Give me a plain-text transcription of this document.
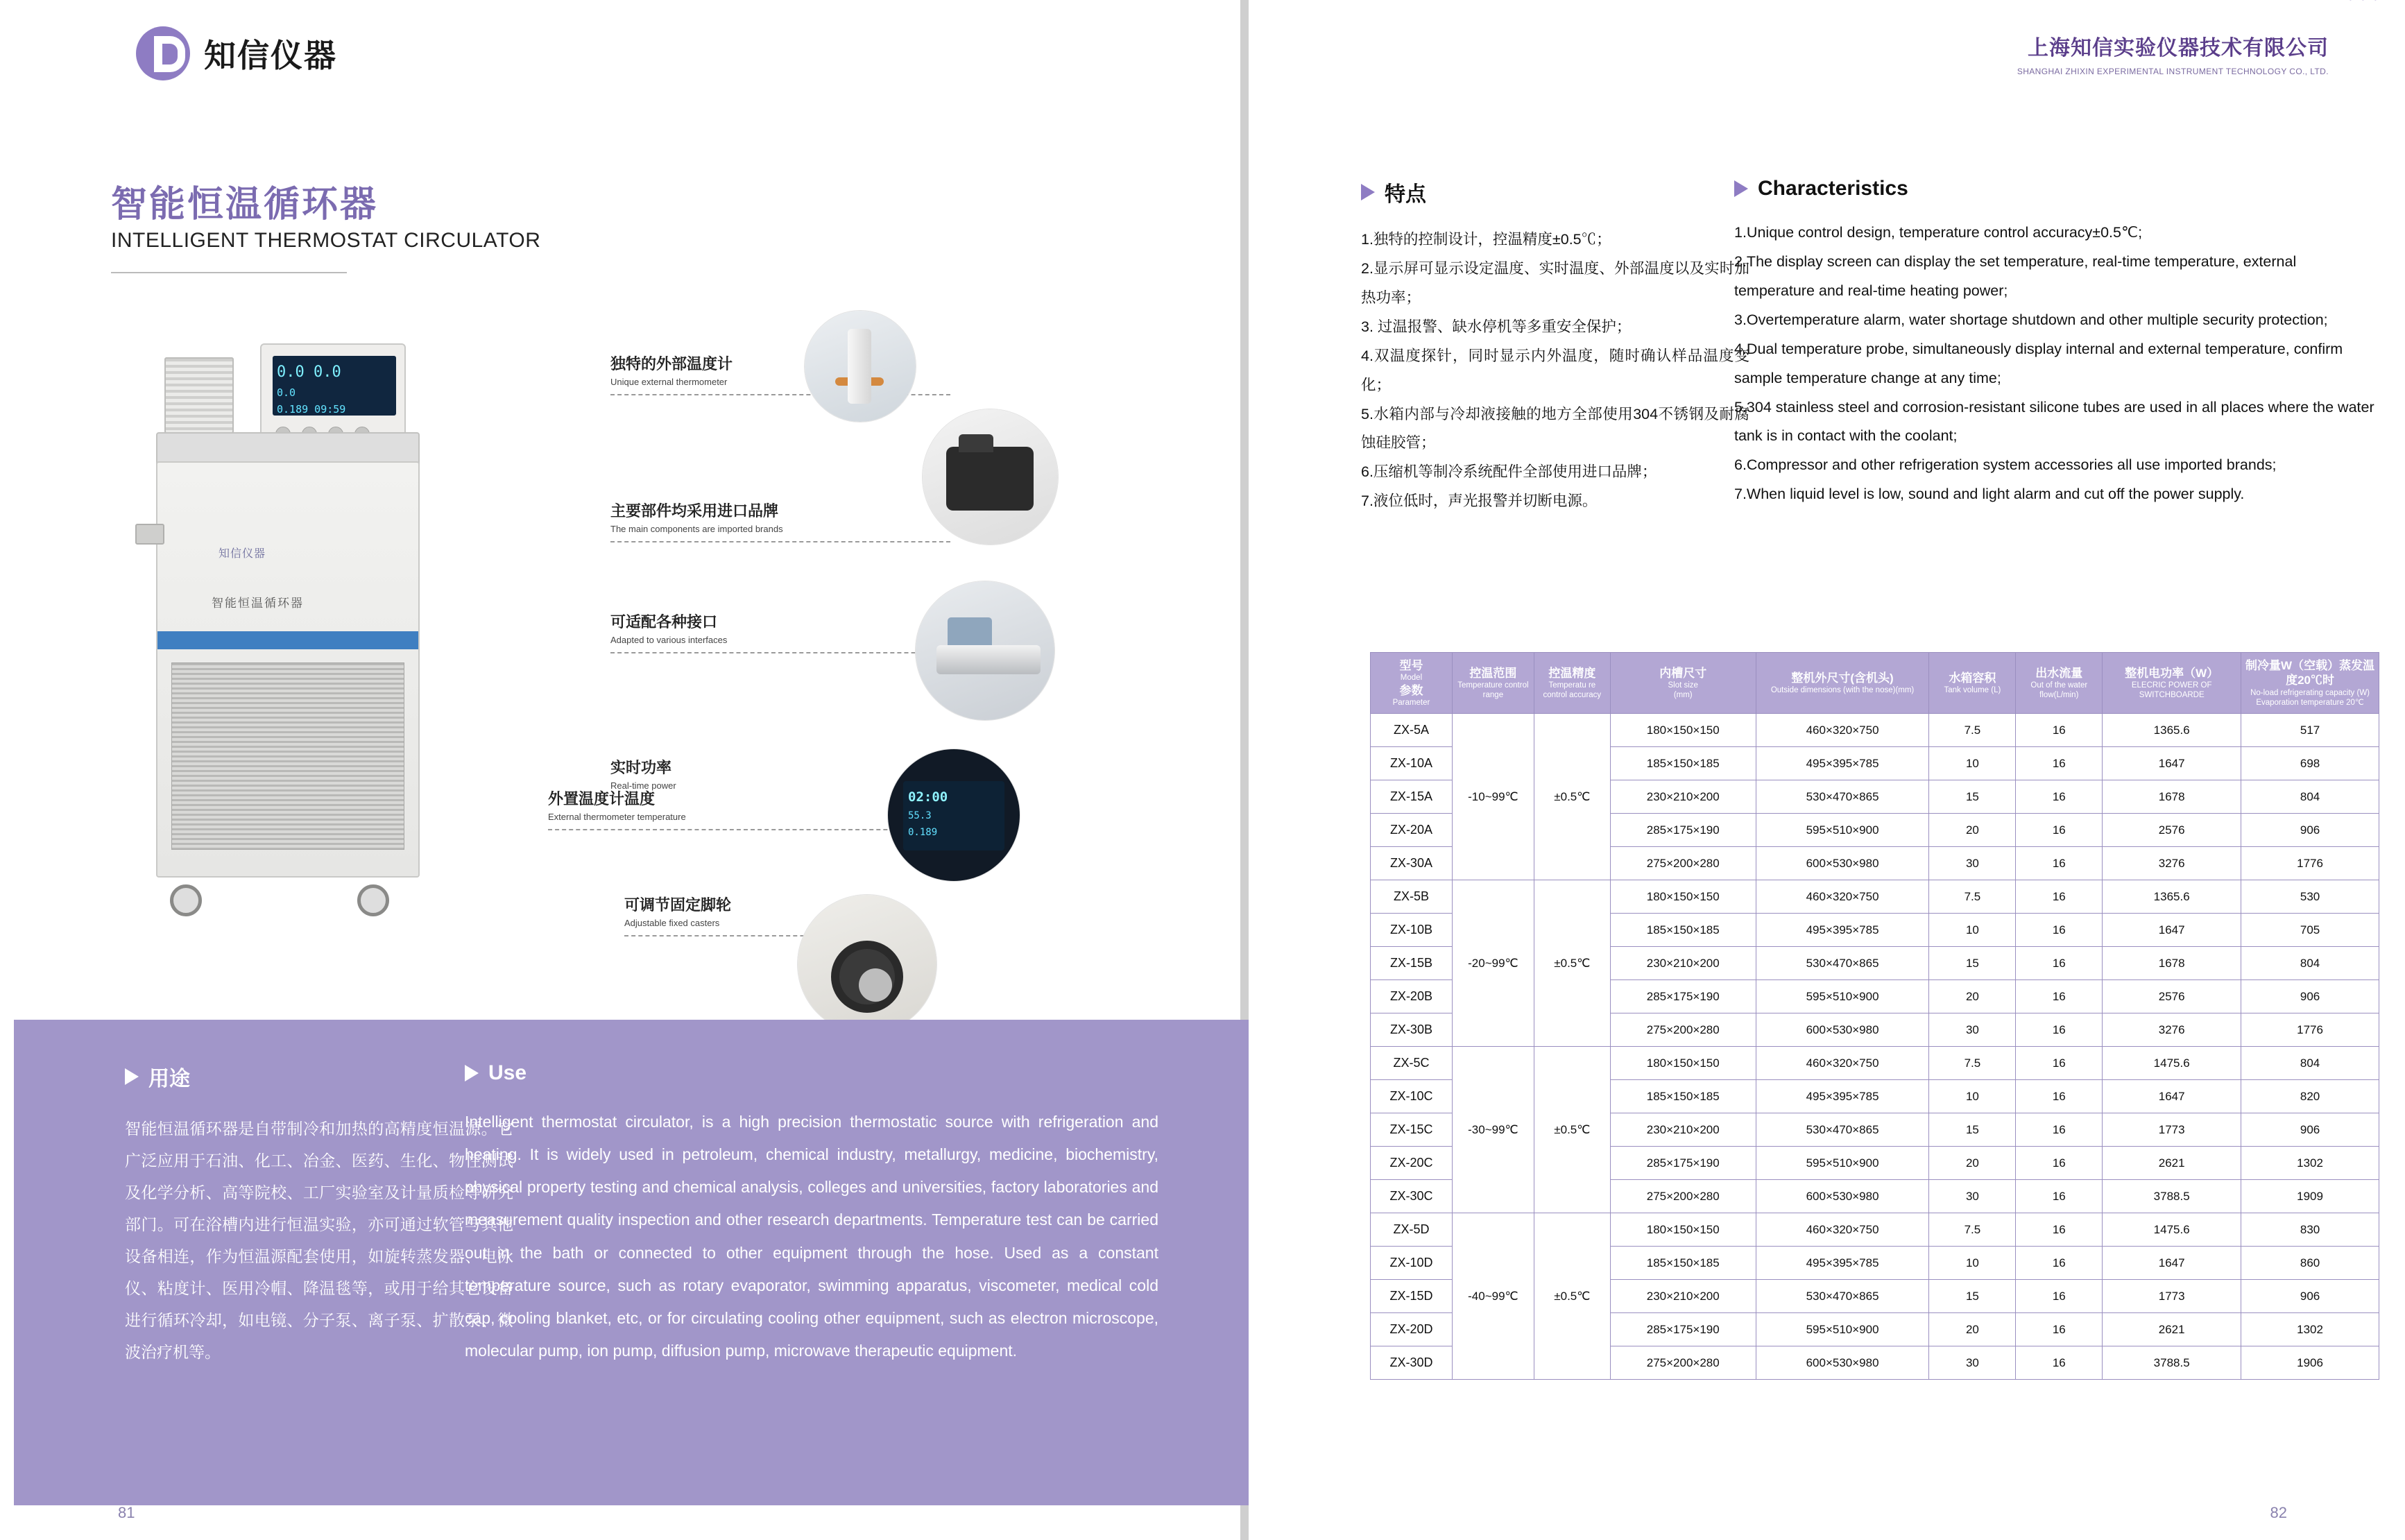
知信仪器
智能恒温循环器
INTELLIGENT THERMOSTAT CIRCULATOR
0.0 0.0
0.0
0.189 09:59
知信仪器
智能恒温循环器
独特的外部温度计
Unique external thermometer
主要部件均采用进口品牌
The main components are imported brands
可适配各种接口
Adapted to various interfaces
实时功率
Real-time power
外置温度计温度
External thermometer temperature
可调节固定脚轮
Adjustable fixed casters
02:00
55.3
0.189
用途
智能恒温循环器是自带制冷和加热的高精度恒温源。它广泛应用于石油、化工、冶金、医药、生化、物性测试及化学分析、高等院校、工厂实验室及计量质检等研究部门。可在浴槽内进行恒温实验，亦可通过软管与其他设备相连，作为恒温源配套使用，如旋转蒸发器、电泳仪、粘度计、医用冷帽、降温毯等，或用于给其它设备进行循环冷却，如电镜、分子泵、离子泵、扩散泵、微波治疗机等。
Use
Intelligent thermostat circulator, is a high precision thermostatic source with refrigeration and heating. It is widely used in petroleum, chemical industry, metallurgy, medicine, biochemistry, physical property testing and chemical analysis, colleges and universities, factory laboratories and measurement quality inspection and other research departments. Temperature test can be carried out in the bath or connected to other equipment through the hose. Used as a constant temperature source, such as rotary evaporator, swimming apparatus, viscometer, medical cold cap, cooling blanket, etc, or for circulating cooling other equipment, such as electron microscope, molecular pump, ion pump, diffusion pump, microwave therapeutic equipment.
81
上海知信实验仪器技术有限公司
SHANGHAI ZHIXIN EXPERIMENTAL INSTRUMENT TECHNOLOGY CO., LTD.
特点
1.独特的控制设计，控温精度±0.5℃；
2.显示屏可显示设定温度、实时温度、外部温度以及实时加热功率；
3. 过温报警、缺水停机等多重安全保护；
4.双温度探针，同时显示内外温度，随时确认样品温度变化；
5.水箱内部与冷却液接触的地方全部使用304不锈钢及耐腐蚀硅胶管；
6.压缩机等制冷系统配件全部使用进口品牌；
7.液位低时，声光报警并切断电源。
Characteristics
1.Unique control design, temperature control accuracy±0.5℃;
2.The display screen can display the set temperature, real-time temperature, external
temperature and real-time heating power;
3.Overtemperature alarm, water shortage shutdown and other multiple security protection;
4.Dual temperature probe, simultaneously display internal and external temperature, confirm
sample temperature change at any time;
5.304 stainless steel and corrosion-resistant silicone tubes are used in all places where the water
tank is in contact with the coolant;
6.Compressor and other refrigeration system accessories all use imported brands;
7.When liquid level is low, sound and light alarm and cut off the power supply.
型号
Model
参数
Parameter	控温范围
Temperature control range	控温精度
Temperatu re control accuracy	内槽尺寸
Slot size
(mm)	整机外尺寸(含机头)
Outside dimensions (with the nose)(mm)	水箱容积
Tank volume (L)	出水流量
Out of the water flow(L/min)	整机电功率（W）
ELECRIC POWER OF SWITCHBOARDE	制冷量W（空载）蒸发温度20℃时
No-load refrigerating capacity (W) Evaporation temperature 20℃

ZX-5A	-10~99℃	±0.5℃	180×150×150	460×320×750	7.5	16	1365.6	517
ZX-10A			185×150×185	495×395×785	10	16	1647	698
ZX-15A			230×210×200	530×470×865	15	16	1678	804
ZX-20A			285×175×190	595×510×900	20	16	2576	906
ZX-30A			275×200×280	600×530×980	30	16	3276	1776
ZX-5B	-20~99℃	±0.5℃	180×150×150	460×320×750	7.5	16	1365.6	530
ZX-10B			185×150×185	495×395×785	10	16	1647	705
ZX-15B			230×210×200	530×470×865	15	16	1678	804
ZX-20B			285×175×190	595×510×900	20	16	2576	906
ZX-30B			275×200×280	600×530×980	30	16	3276	1776
ZX-5C	-30~99℃	±0.5℃	180×150×150	460×320×750	7.5	16	1475.6	804
ZX-10C			185×150×185	495×395×785	10	16	1647	820
ZX-15C			230×210×200	530×470×865	15	16	1773	906
ZX-20C			285×175×190	595×510×900	20	16	2621	1302
ZX-30C			275×200×280	600×530×980	30	16	3788.5	1909
ZX-5D	-40~99℃	±0.5℃	180×150×150	460×320×750	7.5	16	1475.6	830
ZX-10D			185×150×185	495×395×785	10	16	1647	860
ZX-15D			230×210×200	530×470×865	15	16	1773	906
ZX-20D			285×175×190	595×510×900	20	16	2621	1302
ZX-30D			275×200×280	600×530×980	30	16	3788.5	1906
82
